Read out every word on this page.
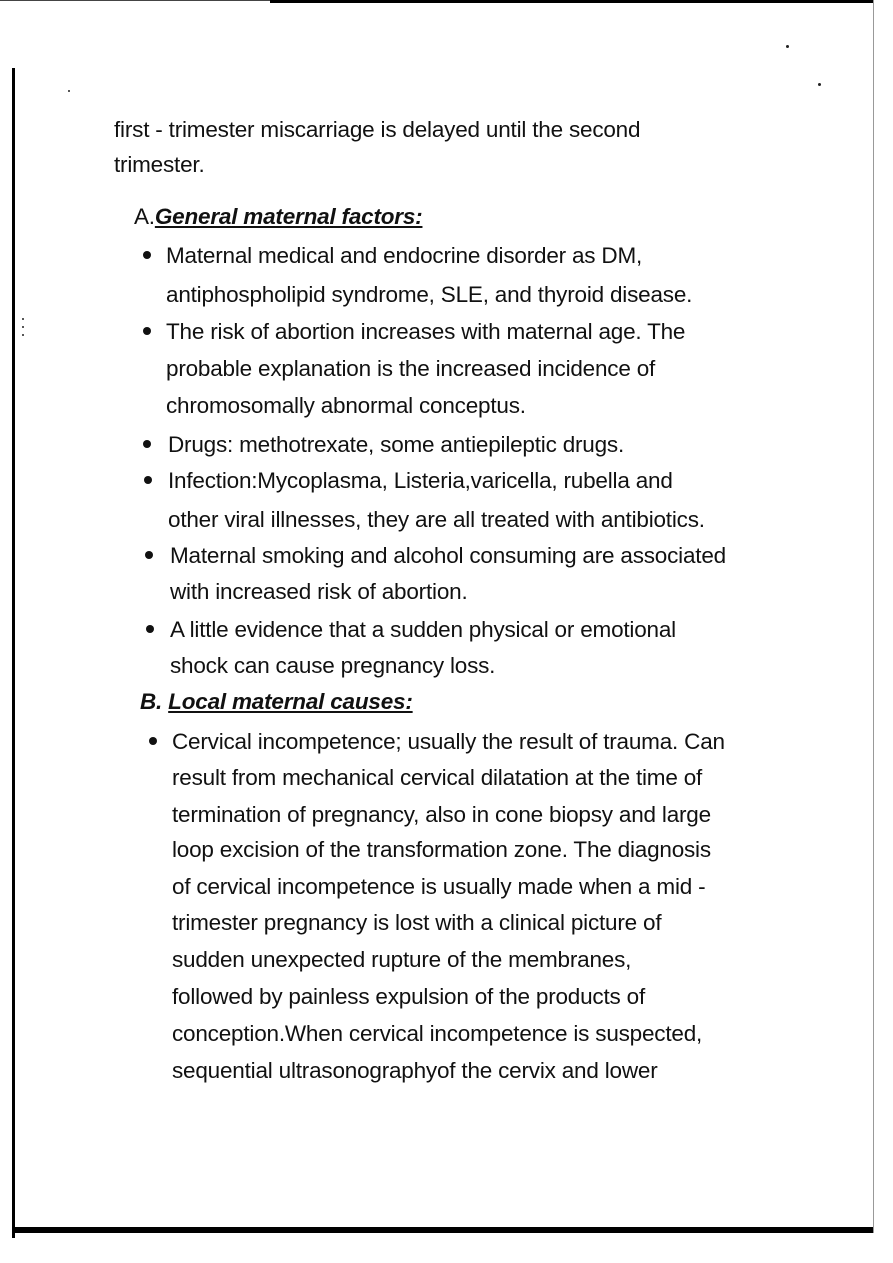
first - trimester miscarriage is delayed until the second
trimester.
A.General maternal factors:
Maternal medical and endocrine disorder as DM,
antiphospholipid syndrome, SLE, and thyroid disease.
The risk of abortion increases with maternal age. The
probable explanation is the increased incidence of
chromosomally abnormal conceptus.
Drugs: methotrexate, some antiepileptic drugs.
Infection:Mycoplasma, Listeria,varicella, rubella and
other viral illnesses, they are all treated with antibiotics.
Maternal smoking and alcohol consuming are associated
with increased risk of abortion.
A little evidence that a sudden physical or emotional
shock can cause pregnancy loss.
B. Local maternal causes:
Cervical incompetence; usually the result of trauma. Can
result from mechanical cervical dilatation at the time of
termination of pregnancy, also in cone biopsy and large
loop excision of the transformation zone. The diagnosis
of cervical incompetence is usually made when a mid -
trimester pregnancy is lost with a clinical picture of
sudden unexpected rupture of the membranes,
followed by painless expulsion of the products of
conception.When cervical incompetence is suspected,
sequential ultrasonographyof the cervix and lower
